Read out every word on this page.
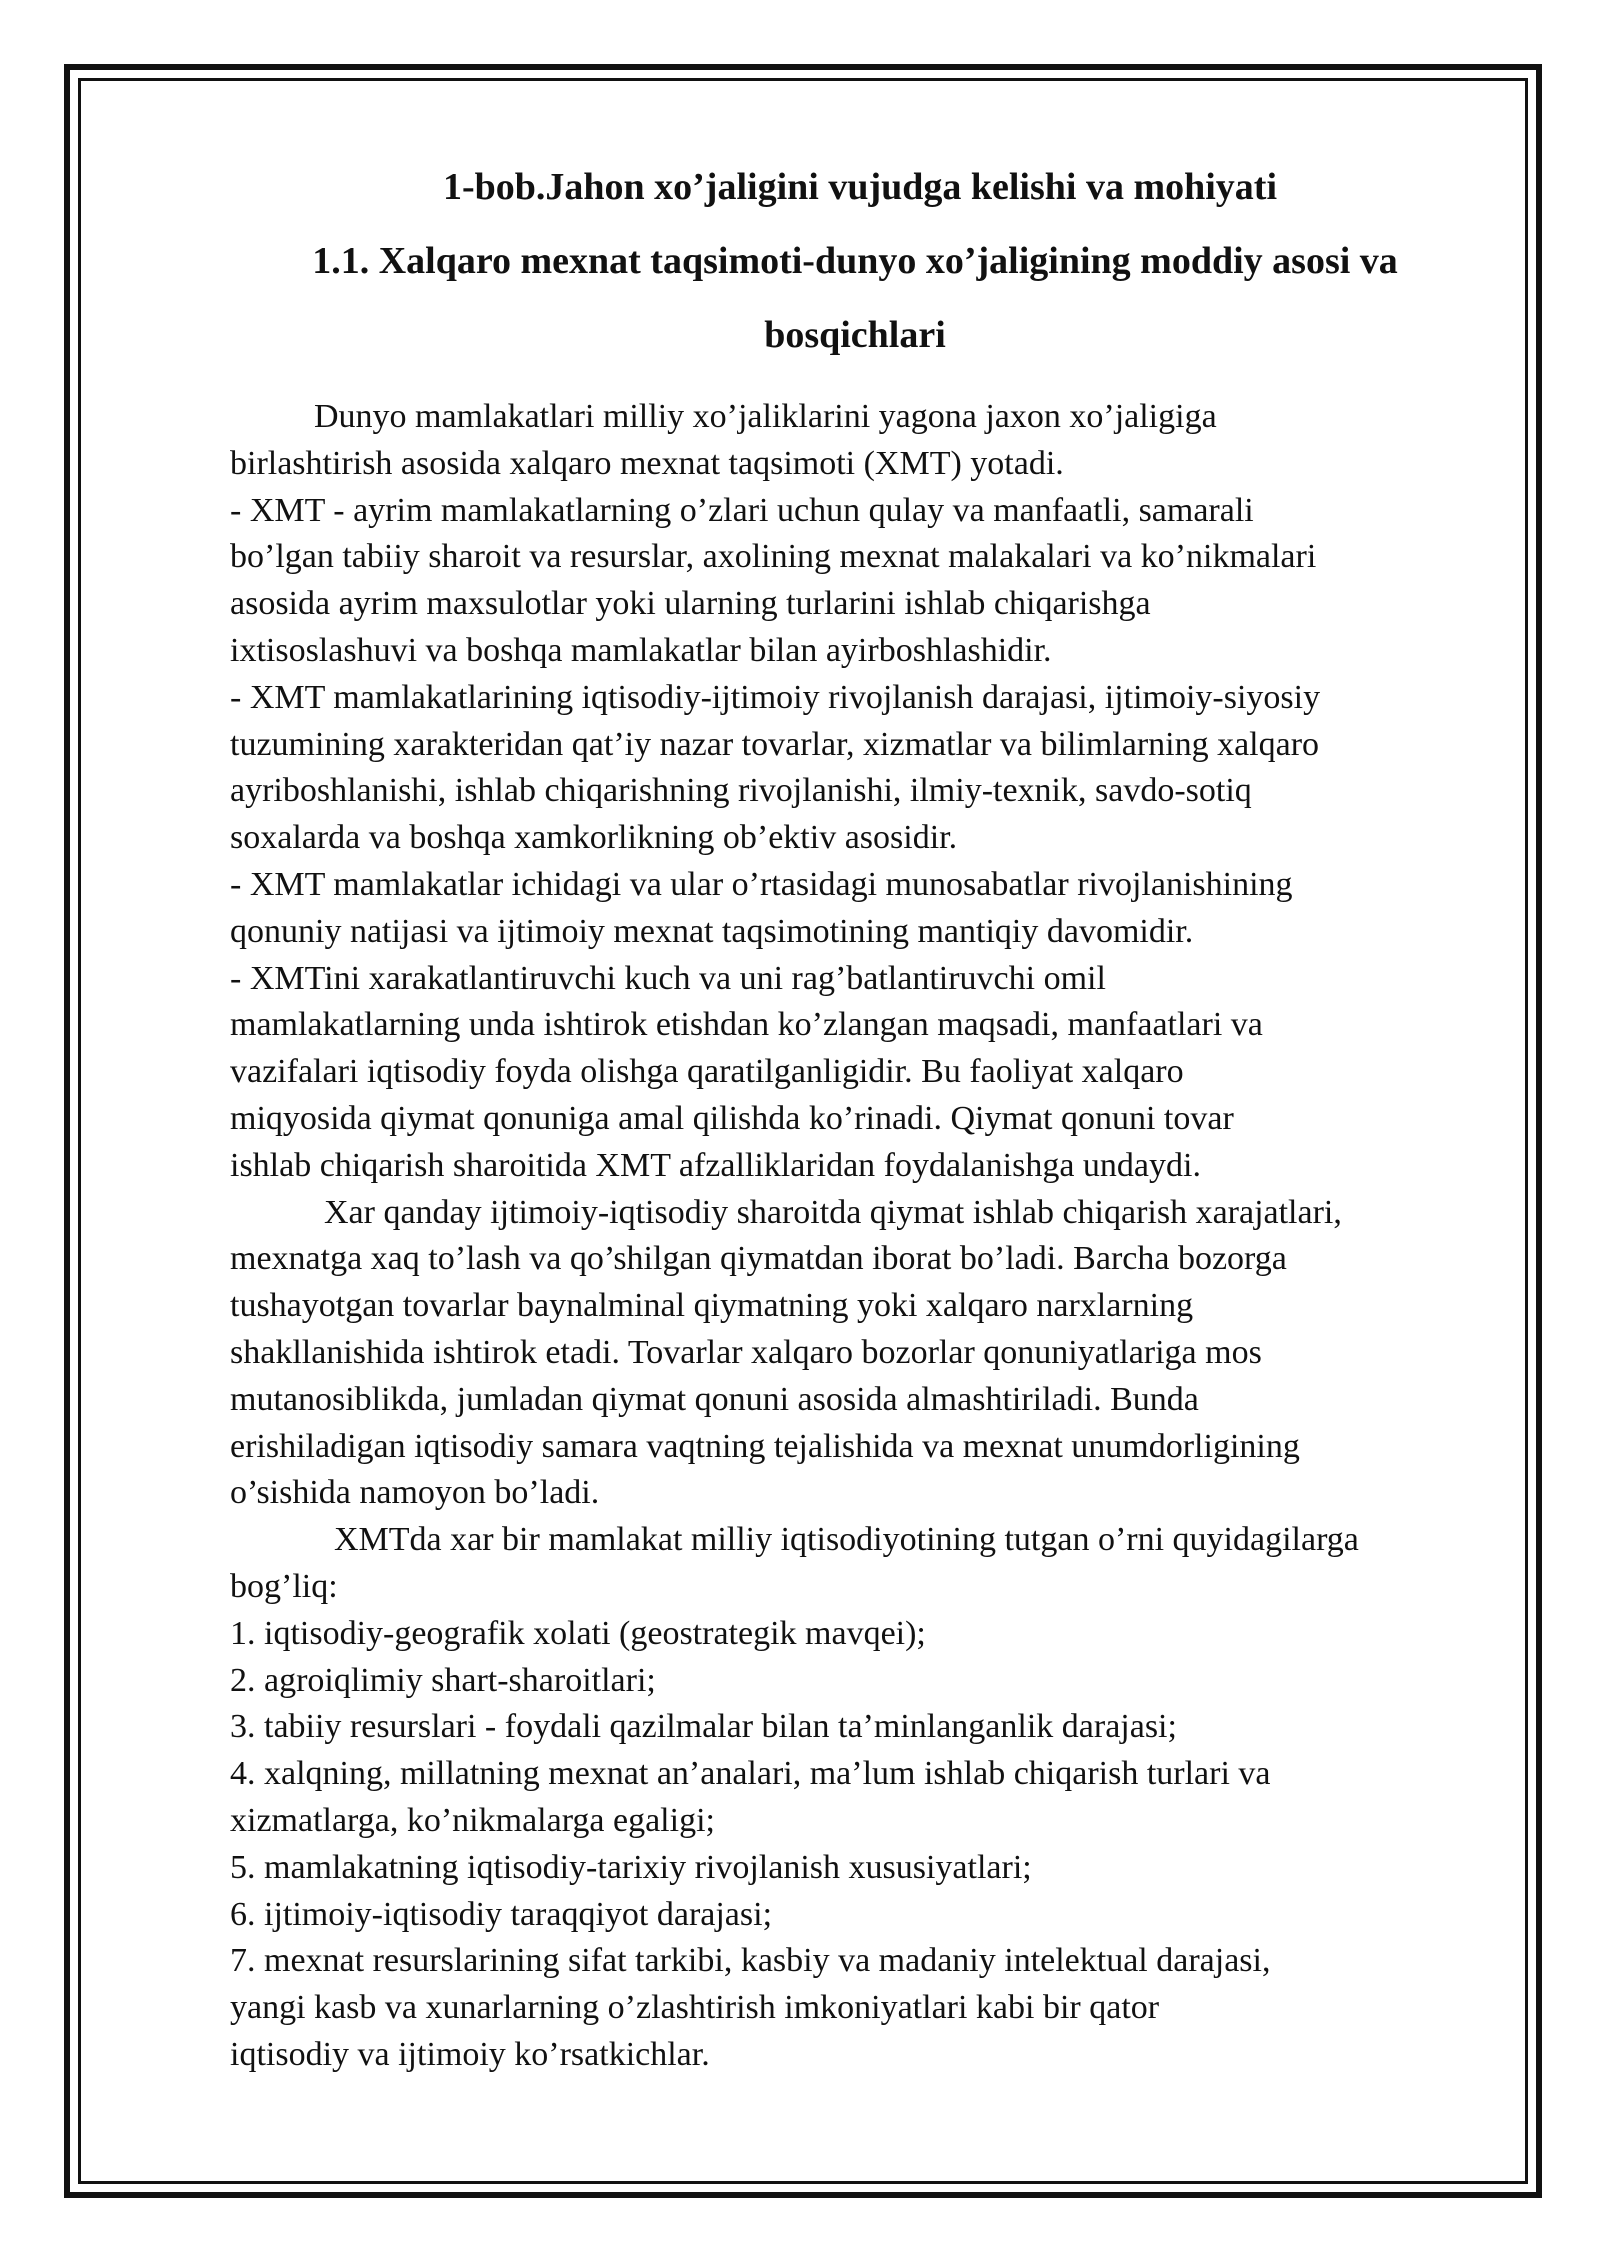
1-bob.Jahon xo’jaligini vujudga kelishi va mohiyati
1.1. Xalqaro mexnat taqsimoti-dunyo xo’jaligining moddiy asosi va
bosqichlari
Dunyo mamlakatlari milliy xo’jaliklarini yagona jaxon xo’jaligiga
birlashtirish asosida xalqaro mexnat taqsimoti (XMT) yotadi.
- XMT - ayrim mamlakatlarning o’zlari uchun qulay va manfaatli, samarali
bo’lgan tabiiy sharoit va resurslar, axolining mexnat malakalari va ko’nikmalari
asosida ayrim maxsulotlar yoki ularning turlarini ishlab chiqarishga
ixtisoslashuvi va boshqa mamlakatlar bilan ayirboshlashidir.
- XMT mamlakatlarining iqtisodiy-ijtimoiy rivojlanish darajasi, ijtimoiy-siyosiy
tuzumining xarakteridan qat’iy nazar tovarlar, xizmatlar va bilimlarning xalqaro
ayriboshlanishi, ishlab chiqarishning rivojlanishi, ilmiy-texnik, savdo-sotiq
soxalarda va boshqa xamkorlikning ob’ektiv asosidir.
- XMT mamlakatlar ichidagi va ular o’rtasidagi munosabatlar rivojlanishining
qonuniy natijasi va ijtimoiy mexnat taqsimotining mantiqiy davomidir.
- XMTini xarakatlantiruvchi kuch va uni rag’batlantiruvchi omil
mamlakatlarning unda ishtirok etishdan ko’zlangan maqsadi, manfaatlari va
vazifalari iqtisodiy foyda olishga qaratilganligidir. Bu faoliyat xalqaro
miqyosida qiymat qonuniga amal qilishda ko’rinadi. Qiymat qonuni tovar
ishlab chiqarish sharoitida XMT afzalliklaridan foydalanishga undaydi.
Xar qanday ijtimoiy-iqtisodiy sharoitda qiymat ishlab chiqarish xarajatlari,
mexnatga xaq to’lash va qo’shilgan qiymatdan iborat bo’ladi. Barcha bozorga
tushayotgan tovarlar baynalminal qiymatning yoki xalqaro narxlarning
shakllanishida ishtirok etadi. Tovarlar xalqaro bozorlar qonuniyatlariga mos
mutanosiblikda, jumladan qiymat qonuni asosida almashtiriladi. Bunda
erishiladigan iqtisodiy samara vaqtning tejalishida va mexnat unumdorligining
o’sishida namoyon bo’ladi.
XMTda xar bir mamlakat milliy iqtisodiyotining tutgan o’rni quyidagilarga
bog’liq:
1. iqtisodiy-geografik xolati (geostrategik mavqei);
2. agroiqlimiy shart-sharoitlari;
3. tabiiy resurslari - foydali qazilmalar bilan ta’minlanganlik darajasi;
4. xalqning, millatning mexnat an’analari, ma’lum ishlab chiqarish turlari va
xizmatlarga, ko’nikmalarga egaligi;
5. mamlakatning iqtisodiy-tarixiy rivojlanish xususiyatlari;
6. ijtimoiy-iqtisodiy taraqqiyot darajasi;
7. mexnat resurslarining sifat tarkibi, kasbiy va madaniy intelektual darajasi,
yangi kasb va xunarlarning o’zlashtirish imkoniyatlari kabi bir qator
iqtisodiy va ijtimoiy ko’rsatkichlar.
